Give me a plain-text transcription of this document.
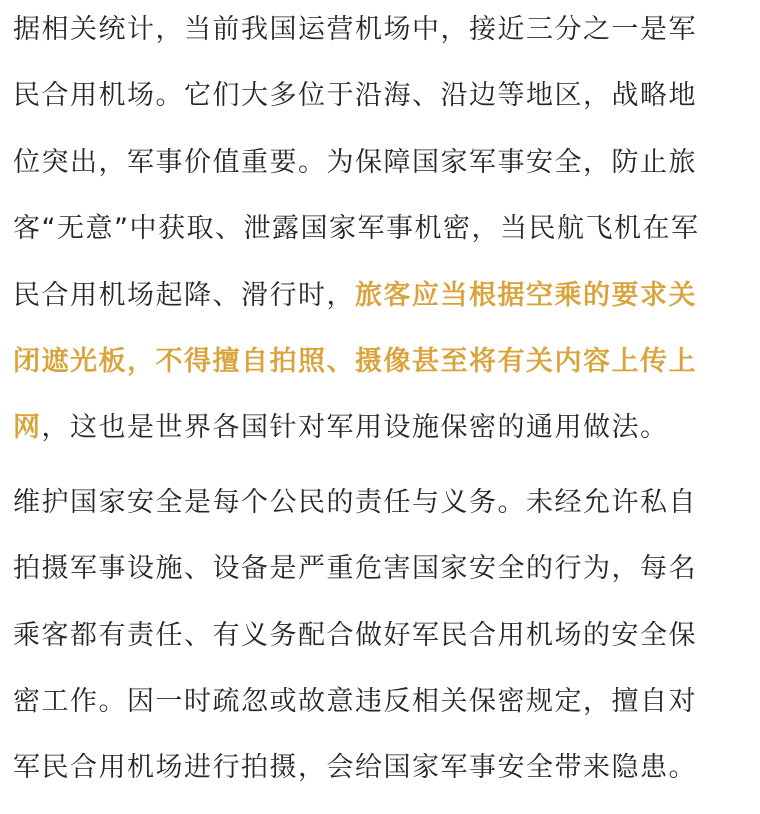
据相关统计，当前我国运营机场中，接近三分之一是军
民合用机场。它们大多位于沿海、沿边等地区，战略地
位突出，军事价值重要。为保障国家军事安全，防止旅
客“无意”中获取、泄露国家军事机密，当民航飞机在军
民合用机场起降、滑行时，旅客应当根据空乘的要求关
闭遮光板，不得擅自拍照、摄像甚至将有关内容上传上
网，这也是世界各国针对军用设施保密的通用做法。
维护国家安全是每个公民的责任与义务。未经允许私自
拍摄军事设施、设备是严重危害国家安全的行为，每名
乘客都有责任、有义务配合做好军民合用机场的安全保
密工作。因一时疏忽或故意违反相关保密规定，擅自对
军民合用机场进行拍摄，会给国家军事安全带来隐患。
